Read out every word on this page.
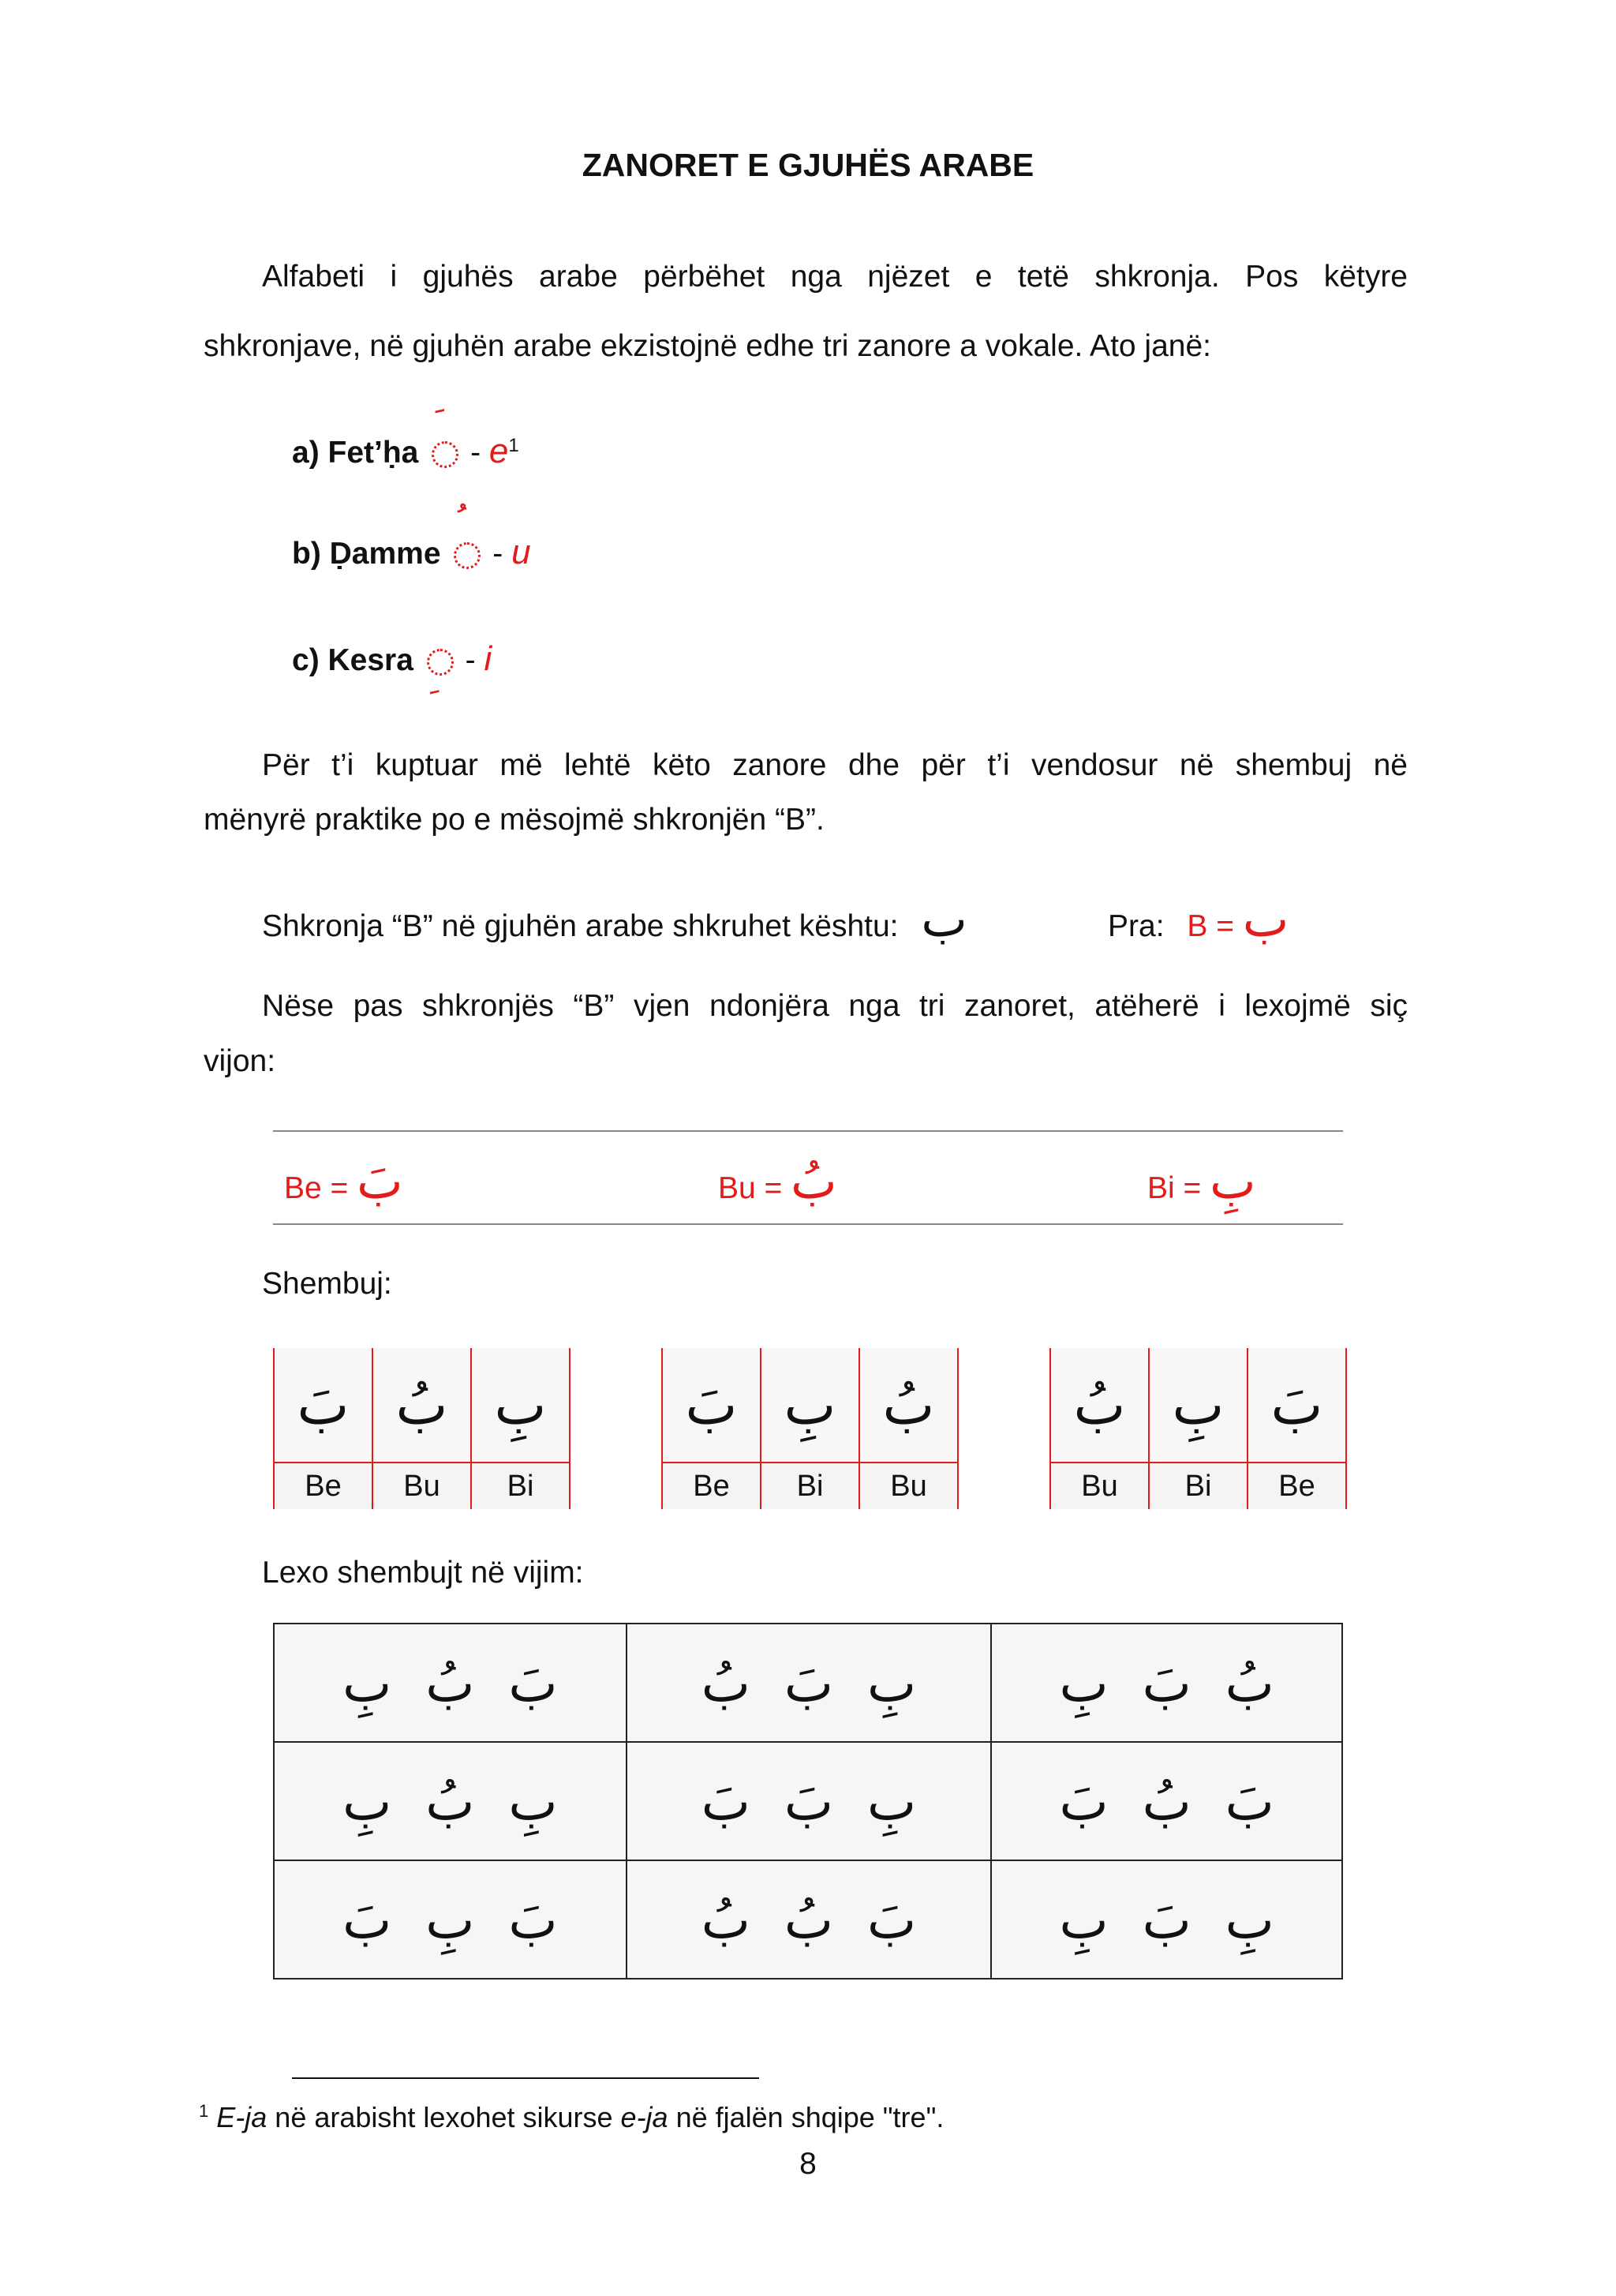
ZANORET E GJUHËS ARABE
Alfabeti i gjuhës arabe përbëhet nga njëzet e tetë shkronja. Pos këtyre
shkronjave, në gjuhën arabe ekzistojnë edhe tri zanore a vokale. Ato janë:
a) Fet’ḥa
- $e^1$
b) Ḍamme
- u
c) Kesra
- i
Për t’i kuptuar më lehtë këto zanore dhe për t’i vendosur në shembuj në
mënyrë praktike po e mësojmë shkronjën “B”.
Shkronja “B” në gjuhën arabe shkruhet kështu: ب	Pra: B = ب
Nëse pas shkronjës “B” vjen ndonjëra nga tri zanoret, atëherë i lexojmë siç
vijon:
Be = بَ	Bu = بُ	Bi = بِ
Shembuj:
بَ	بُ	بِ
Be	Bu	Bi
بَ	بِ	بُ
Be	Bi	Bu
بُ	بِ	بَ
Bu	Bi	Be
Lexo shembujt në vijim:
بَ بُ بِ	بِ بَ بُ	بُ بَ بِ
بِ بُ بِ	بِ بَ بَ	بَ بُ بَ
بَ بِ بَ	بَ بُ بُ	بِ بَ بِ
$^1$ E-ja në arabisht lexohet sikurse e-ja në fjalën shqipe "tre".
8
